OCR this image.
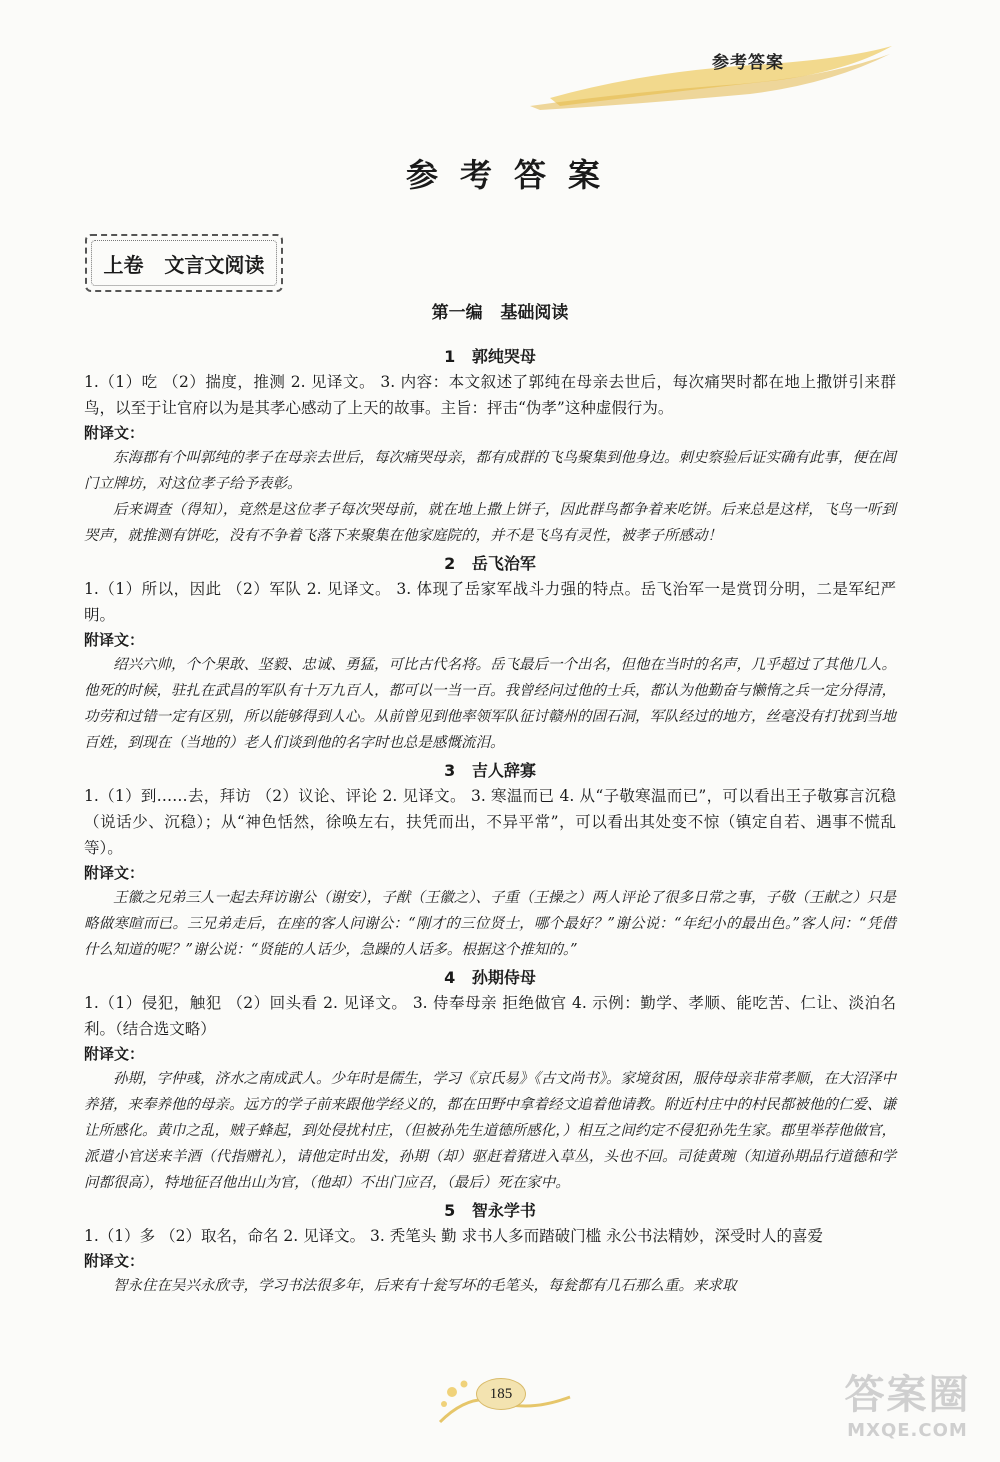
参考答案
参考答案
上卷   文言文阅读
第一编   基础阅读
1   郭纯哭母

1.（1）吃 （2）揣度，推测 2. 见译文。 3. 内容：本文叙述了郭纯在母亲去世后，每次痛哭时都在地上撒饼引来群鸟，以至于让官府以为是其孝心感动了上天的故事。主旨：抨击“伪孝”这种虚假行为。

附译文：

东海郡有个叫郭纯的孝子在母亲去世后，每次痛哭母亲，都有成群的飞鸟聚集到他身边。刺史察验后证实确有此事，便在闾门立牌坊，对这位孝子给予表彰。

后来调查（得知），竟然是这位孝子每次哭母前，就在地上撒上饼子，因此群鸟都争着来吃饼。后来总是这样，飞鸟一听到哭声，就推测有饼吃，没有不争着飞落下来聚集在他家庭院的，并不是飞鸟有灵性，被孝子所感动！

2   岳飞治军

1.（1）所以，因此 （2）军队 2. 见译文。 3. 体现了岳家军战斗力强的特点。岳飞治军一是赏罚分明，二是军纪严明。

附译文：

绍兴六帅，个个果敢、坚毅、忠诚、勇猛，可比古代名将。岳飞最后一个出名，但他在当时的名声，几乎超过了其他几人。他死的时候，驻扎在武昌的军队有十万九百人，都可以一当一百。我曾经问过他的士兵，都认为他勤奋与懒惰之兵一定分得清，功劳和过错一定有区别，所以能够得到人心。从前曾见到他率领军队征讨赣州的固石洞，军队经过的地方，丝毫没有打扰到当地百姓，到现在（当地的）老人们谈到他的名字时也总是感慨流泪。

3   吉人辞寡

1.（1）到……去，拜访 （2）议论、评论 2. 见译文。 3. 寒温而已 4. 从“子敬寒温而已”，可以看出王子敬寡言沉稳（说话少、沉稳）；从“神色恬然，徐唤左右，扶凭而出，不异平常”，可以看出其处变不惊（镇定自若、遇事不慌乱等）。

附译文：

王徽之兄弟三人一起去拜访谢公（谢安），子猷（王徽之）、子重（王操之）两人评论了很多日常之事，子敬（王献之）只是略做寒暄而已。三兄弟走后，在座的客人问谢公：“刚才的三位贤士，哪个最好？”谢公说：“年纪小的最出色。”客人问：“凭借什么知道的呢？”谢公说：“贤能的人话少，急躁的人话多。根据这个推知的。”

4   孙期侍母

1.（1）侵犯，触犯 （2）回头看 2. 见译文。 3. 侍奉母亲 拒绝做官 4. 示例：勤学、孝顺、能吃苦、仁让、淡泊名利。（结合选文略）

附译文：

孙期，字仲彧，济水之南成武人。少年时是儒生，学习《京氏易》《古文尚书》。家境贫困，服侍母亲非常孝顺，在大沼泽中养猪，来奉养他的母亲。远方的学子前来跟他学经义的，都在田野中拿着经文追着他请教。附近村庄中的村民都被他的仁爱、谦让所感化。黄巾之乱，贼子蜂起，到处侵扰村庄，（但被孙先生道德所感化，）相互之间约定不侵犯孙先生家。郡里举荐他做官，派遣小官送来羊酒（代指赠礼），请他定时出发，孙期（却）驱赶着猪进入草丛，头也不回。司徒黄琬（知道孙期品行道德和学问都很高），特地征召他出山为官，（他却）不出门应召，（最后）死在家中。

5   智永学书

1.（1）多 （2）取名，命名 2. 见译文。 3. 秃笔头 勤 求书人多而踏破门槛 永公书法精妙，深受时人的喜爱

附译文：

智永住在吴兴永欣寺，学习书法很多年，后来有十瓮写坏的毛笔头，每瓮都有几石那么重。来求取

185	答案圈
MXQE.COM
